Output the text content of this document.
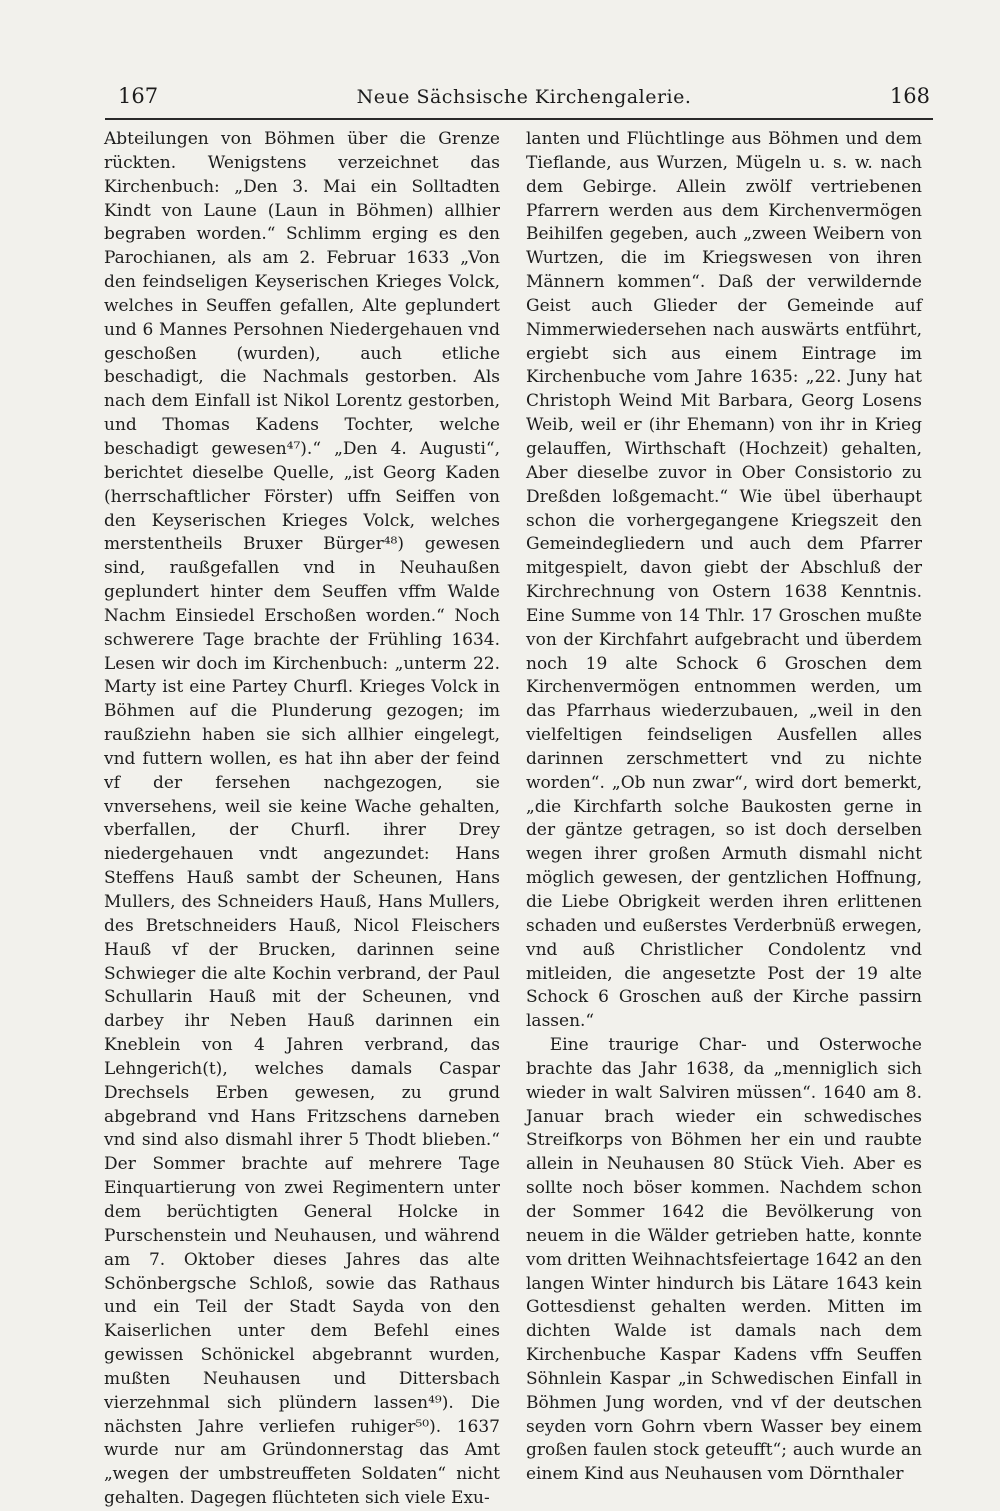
167	Neue Sächsische Kirchengalerie.	168

Abteilungen von Böhmen über die Grenze rückten. Wenigstens verzeichnet das Kirchenbuch: „Den 3. Mai ein Solltadten Kindt von Laune (Laun in Böhmen) allhier begraben worden.“ Schlimm erging es den Parochianen, als am 2. Februar 1633 „Von den feindseligen Keyserischen Krieges Volck, welches in Seuffen gefallen, Alte geplundert und 6 Mannes Persohnen Niedergehauen vnd geschoßen (wurden), auch etliche beschadigt, die Nachmals gestorben. Als nach dem Einfall ist Nikol Lorentz gestorben, und Thomas Kadens Tochter, welche beschadigt gewesen⁴⁷).“ „Den 4. Augusti“, berichtet dieselbe Quelle, „ist Georg Kaden (herrschaftlicher Förster) uffn Seiffen von den Keyserischen Krieges Volck, welches merstentheils Bruxer Bürger⁴⁸) gewesen sind, raußgefallen vnd in Neuhaußen geplundert hinter dem Seuffen vffm Walde Nachm Einsiedel Erschoßen worden.“ Noch schwerere Tage brachte der Frühling 1634. Lesen wir doch im Kirchenbuch: „unterm 22. Marty ist eine Partey Churfl. Krieges Volck in Böhmen auf die Plunderung gezogen; im raußziehn haben sie sich allhier eingelegt, vnd futtern wollen, es hat ihn aber der feind vf der fersehen nachgezogen, sie vnversehens, weil sie keine Wache gehalten, vberfallen, der Churfl. ihrer Drey niedergehauen vndt angezundet: Hans Steffens Hauß sambt der Scheunen, Hans Mullers, des Schneiders Hauß, Hans Mullers, des Bretschneiders Hauß, Nicol Fleischers Hauß vf der Brucken, darinnen seine Schwieger die alte Kochin verbrand, der Paul Schullarin Hauß mit der Scheunen, vnd darbey ihr Neben Hauß darinnen ein Kneblein von 4 Jahren verbrand, das Lehngerich(t), welches damals Caspar Drechsels Erben gewesen, zu grund abgebrand vnd Hans Fritzschens darneben vnd sind also dismahl ihrer 5 Thodt blieben.“ Der Sommer brachte auf mehrere Tage Einquartierung von zwei Regimentern unter dem berüchtigten General Holcke in Purschenstein und Neuhausen, und während am 7. Oktober dieses Jahres das alte Schönbergsche Schloß, sowie das Rathaus und ein Teil der Stadt Sayda von den Kaiserlichen unter dem Befehl eines gewissen Schönickel abgebrannt wurden, mußten Neuhausen und Dittersbach vierzehnmal sich plündern lassen⁴⁹). Die nächsten Jahre verliefen ruhiger⁵⁰). 1637 wurde nur am Gründonnerstag das Amt „wegen der umbstreuffeten Soldaten“ nicht gehalten. Dagegen flüchteten sich viele Exu-

lanten und Flüchtlinge aus Böhmen und dem Tieflande, aus Wurzen, Mügeln u. s. w. nach dem Gebirge. Allein zwölf vertriebenen Pfarrern werden aus dem Kirchenvermögen Beihilfen gegeben, auch „zween Weibern von Wurtzen, die im Kriegswesen von ihren Männern kommen“. Daß der verwildernde Geist auch Glieder der Gemeinde auf Nimmerwiedersehen nach auswärts entführt, ergiebt sich aus einem Eintrage im Kirchenbuche vom Jahre 1635: „22. Juny hat Christoph Weind Mit Barbara, Georg Losens Weib, weil er (ihr Ehemann) von ihr in Krieg gelauffen, Wirthschaft (Hochzeit) gehalten, Aber dieselbe zuvor in Ober Consistorio zu Dreßden loßgemacht.“ Wie übel überhaupt schon die vorhergegangene Kriegszeit den Gemeindegliedern und auch dem Pfarrer mitgespielt, davon giebt der Abschluß der Kirchrechnung von Ostern 1638 Kenntnis. Eine Summe von 14 Thlr. 17 Groschen mußte von der Kirchfahrt aufgebracht und überdem noch 19 alte Schock 6 Groschen dem Kirchenvermögen entnommen werden, um das Pfarrhaus wiederzubauen, „weil in den vielfeltigen feindseligen Ausfellen alles darinnen zerschmettert vnd zu nichte worden“. „Ob nun zwar“, wird dort bemerkt, „die Kirchfarth solche Baukosten gerne in der gäntze getragen, so ist doch derselben wegen ihrer großen Armuth dismahl nicht möglich gewesen, der gentzlichen Hoffnung, die Liebe Obrigkeit werden ihren erlittenen schaden und eußerstes Verderbnüß erwegen, vnd auß Christlicher Condolentz vnd mitleiden, die angesetzte Post der 19 alte Schock 6 Groschen auß der Kirche passirn lassen.“

Eine traurige Char- und Osterwoche brachte das Jahr 1638, da „menniglich sich wieder in walt Salviren müssen“. 1640 am 8. Januar brach wieder ein schwedisches Streifkorps von Böhmen her ein und raubte allein in Neuhausen 80 Stück Vieh. Aber es sollte noch böser kommen. Nachdem schon der Sommer 1642 die Bevölkerung von neuem in die Wälder getrieben hatte, konnte vom dritten Weihnachtsfeiertage 1642 an den langen Winter hindurch bis Lätare 1643 kein Gottesdienst gehalten werden. Mitten im dichten Walde ist damals nach dem Kirchenbuche Kaspar Kadens vffn Seuffen Söhnlein Kaspar „in Schwedischen Einfall in Böhmen Jung worden, vnd vf der deutschen seyden vorn Gohrn vbern Wasser bey einem großen faulen stock geteufft“; auch wurde an einem Kind aus Neuhausen vom Dörnthaler
